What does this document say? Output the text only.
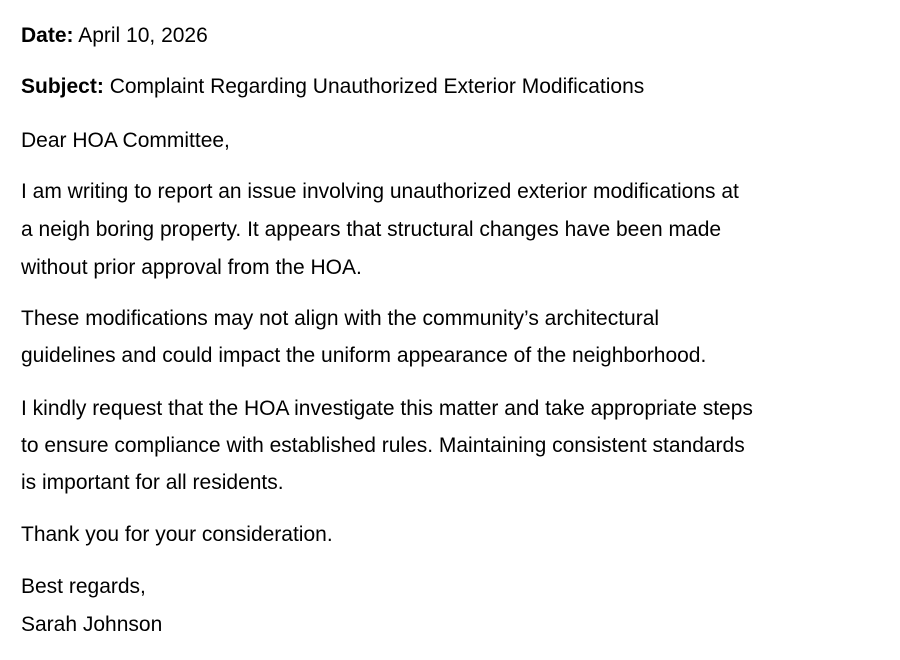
Date: April 10, 2026
Subject: Complaint Regarding Unauthorized Exterior Modifications
Dear HOA Committee,
I am writing to report an issue involving unauthorized exterior modifications at
a neigh boring property. It appears that structural changes have been made
without prior approval from the HOA.
These modifications may not align with the community’s architectural
guidelines and could impact the uniform appearance of the neighborhood.
I kindly request that the HOA investigate this matter and take appropriate steps
to ensure compliance with established rules. Maintaining consistent standards
is important for all residents.
Thank you for your consideration.
Best regards,
Sarah Johnson
